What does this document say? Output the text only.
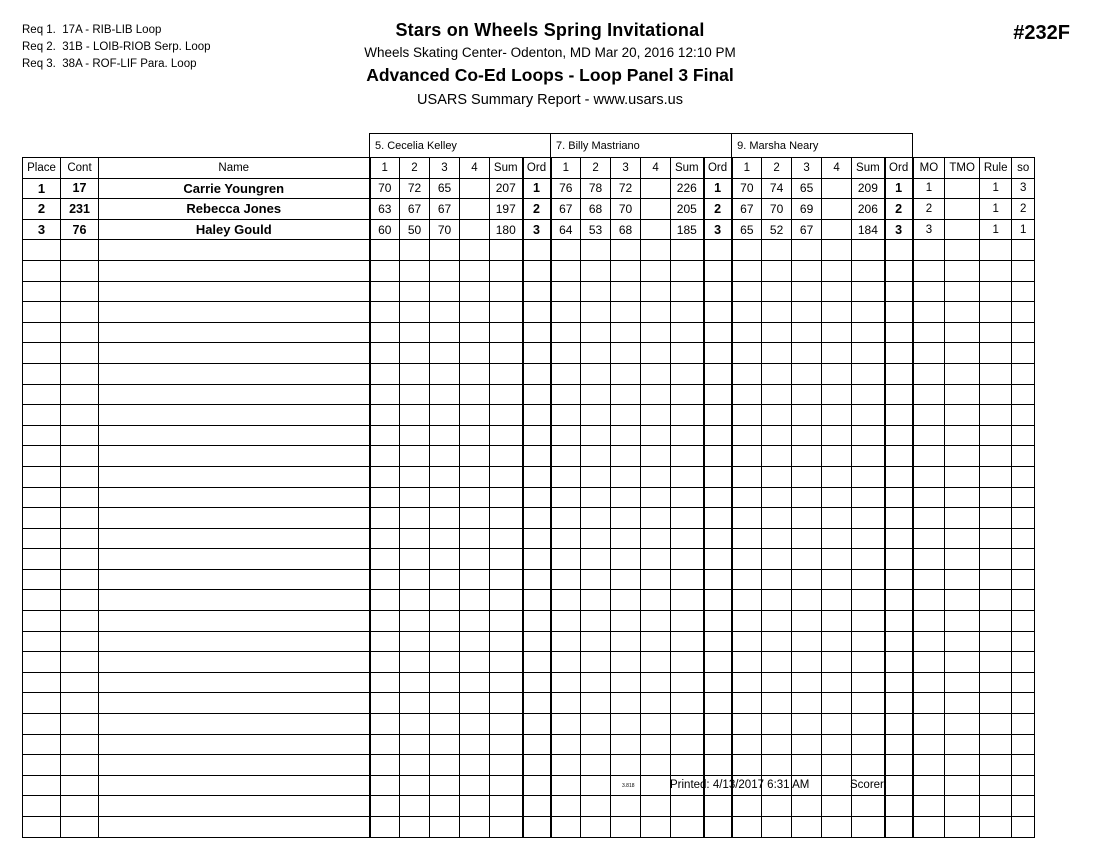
Req 1.  17A - RIB-LIB Loop
Req 2.  31B - LOIB-RIOB Serp. Loop
Req 3.  38A - ROF-LIF Para. Loop
Stars on Wheels Spring Invitational
Wheels Skating Center- Odenton, MD Mar 20, 2016 12:10 PM
Advanced Co-Ed Loops - Loop Panel 3 Final
USARS Summary Report - www.usars.us
#232F
			5. Cecelia Kelley						7. Billy Mastriano						9. Marsha Neary									
Place	Cont	Name	1	2	3	4	Sum	Ord	1	2	3	4	Sum	Ord	1	2	3	4	Sum	Ord	MO	TMO	Rule	so
1	17	Carrie Youngren	70	72	65		207	1	76	78	72		226	1	70	74	65		209	1	1		1	3
2	231	Rebecca Jones	63	67	67		197	2	67	68	70		205	2	67	70	69		206	2	2		1	2
3	76	Haley Gould	60	50	70		180	3	64	53	68		185	3	65	52	67		184	3	3		1	1

3.818	Printed: 4/13/2017 6:31 AM	Scorer:
